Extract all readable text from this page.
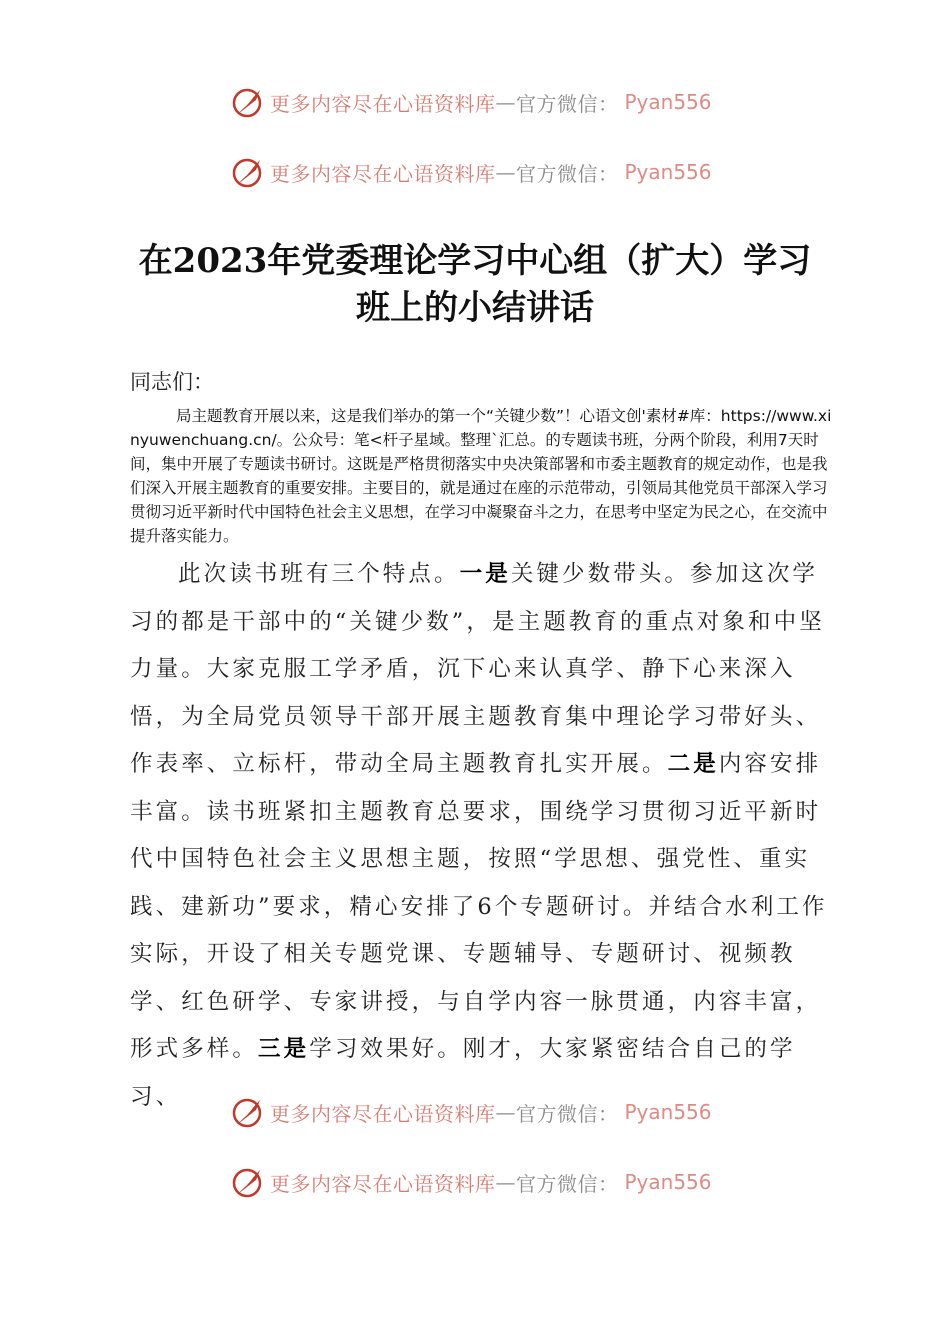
更多内容尽在心语资料库 — 官方微信： Pyan556
更多内容尽在心语资料库 — 官方微信： Pyan556
在2023年党委理论学习中心组（扩大）学习
班上的小结讲话
同志们：
局主题教育开展以来，这是我们举办的第一个“关键少数”！心语文创'素材#库：https://www.xinyuwenchuang.cn/。公众号：笔<杆子星域。整理`汇总。的专题读书班，分两个阶段，利用7天时间，集中开展了专题读书研讨。这既是严格贯彻落实中央决策部署和市委主题教育的规定动作，也是我们深入开展主题教育的重要安排。主要目的，就是通过在座的示范带动，引领局其他党员干部深入学习贯彻习近平新时代中国特色社会主义思想，在学习中凝聚奋斗之力，在思考中坚定为民之心，在交流中提升落实能力。
此次读书班有三个特点。一是关键少数带头。参加这次学习的都是干部中的“关键少数”，是主题教育的重点对象和中坚力量。大家克服工学矛盾，沉下心来认真学、静下心来深入悟，为全局党员领导干部开展主题教育集中理论学习带好头、作表率、立标杆，带动全局主题教育扎实开展。二是内容安排丰富。读书班紧扣主题教育总要求，围绕学习贯彻习近平新时代中国特色社会主义思想主题，按照“学思想、强党性、重实践、建新功”要求，精心安排了6个专题研讨。并结合水利工作实际，开设了相关专题党课、专题辅导、专题研讨、视频教学、红色研学、专家讲授，与自学内容一脉贯通，内容丰富，形式多样。三是学习效果好。刚才，大家紧密结合自己的学习、
更多内容尽在心语资料库 — 官方微信： Pyan556
更多内容尽在心语资料库 — 官方微信： Pyan556
